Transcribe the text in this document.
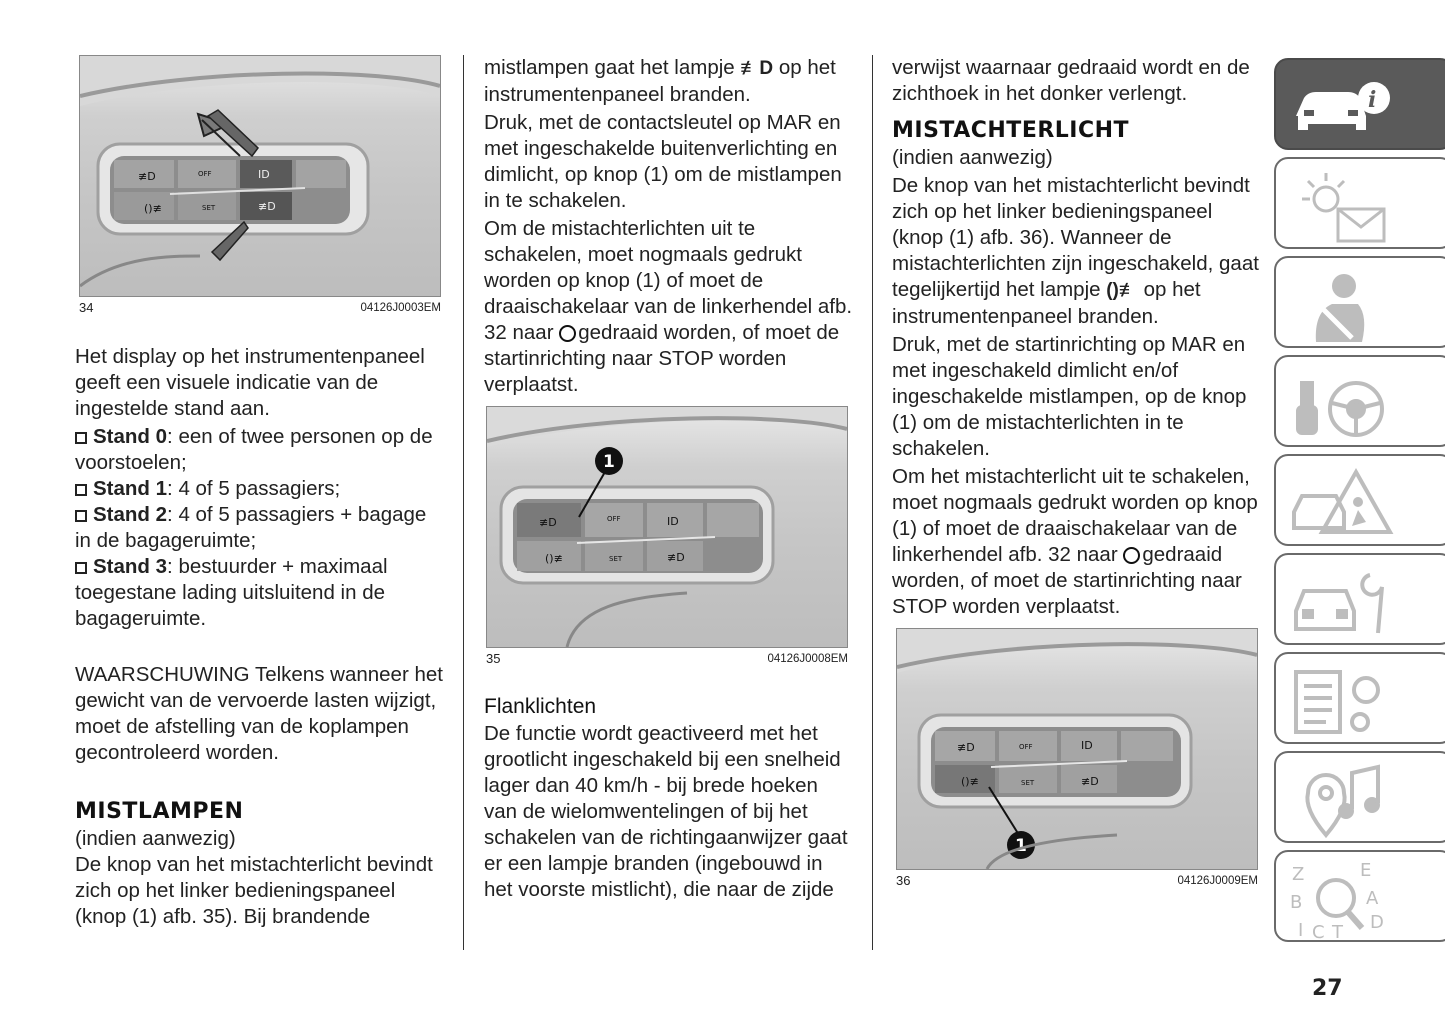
≢D
()≢
OFF
SET
ID
≢D
34	04126J0003EM

Het display op het instrumentenpaneel geeft een visuele indicatie van de ingestelde stand aan.

Stand 0: een of twee personen op de voorstoelen;

Stand 1: 4 of 5 passagiers;

Stand 2: 4 of 5 passagiers + bagage in de bagageruimte;

Stand 3: bestuurder + maximaal toegestane lading uitsluitend in de bagageruimte.

WAARSCHUWING Telkens wanneer het gewicht van de vervoerde lasten wijzigt, moet de afstelling van de koplampen gecontroleerd worden.

MISTLAMPEN

(indien aanwezig)

De knop van het mistachterlicht bevindt zich op het linker bedieningspaneel (knop (1) afb. 35). Bij brandende

mistlampen gaat het lampje ≢D op het instrumentenpaneel branden.

Druk, met de contactsleutel op MAR en met ingeschakelde buitenverlichting en dimlicht, op knop (1) om de mistlampen in te schakelen.

Om de mistachterlichten uit te schakelen, moet nogmaals gedrukt worden op knop (1) of moet de draaischakelaar van de linkerhendel afb. 32 naar gedraaid worden, of moet de startinrichting naar STOP worden verplaatst.

≢D
()≢
OFF
SET
ID
≢D
1
35	04126J0008EM

Flanklichten

De functie wordt geactiveerd met het grootlicht ingeschakeld bij een snelheid lager dan 40 km/h - bij brede hoeken van de wielomwentelingen of bij het schakelen van de richtingaanwijzer gaat er een lampje branden (ingebouwd in het voorste mistlicht), die naar de zijde

verwijst waarnaar gedraaid wordt en de zichthoek in het donker verlengt.

MISTACHTERLICHT

(indien aanwezig)

De knop van het mistachterlicht bevindt zich op het linker bedieningspaneel (knop (1) afb. 36). Wanneer de mistachterlichten zijn ingeschakeld, gaat tegelijkertijd het lampje ()≢ op het instrumentenpaneel branden.

Druk, met de startinrichting op MAR en met ingeschakeld dimlicht en/of ingeschakelde mistlampen, op de knop (1) om de mistachterlichten in te schakelen.

Om het mistachterlicht uit te schakelen, moet nogmaals gedrukt worden op knop (1) of moet de draaischakelaar van de linkerhendel afb. 32 naar gedraaid worden, of moet de startinrichting naar STOP worden verplaatst.

≢D
()≢
OFF
SET
ID
≢D
1
36	04126J0009EM
i
Z	E
B	A
I C T D
27
